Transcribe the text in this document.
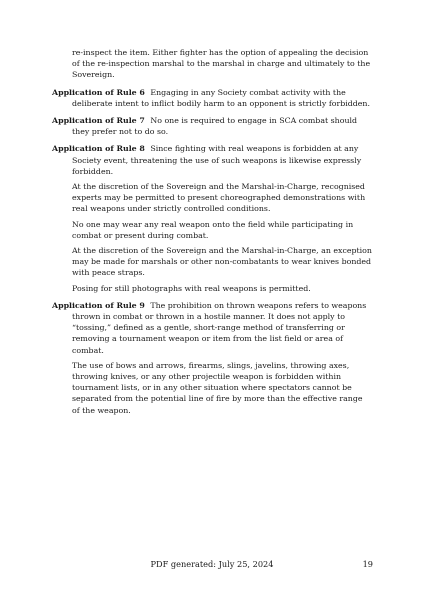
re-inspect the item. Either fighter has the option of appealing the decision of the re-inspection marshal to the marshal in charge and ultimately to the Sovereign.

Application of Rule 6 Engaging in any Society combat activity with the deliberate intent to inflict bodily harm to an opponent is strictly forbidden.

Application of Rule 7 No one is required to engage in SCA combat should they prefer not to do so.

Application of Rule 8 Since fighting with real weapons is forbidden at any Society event, threatening the use of such weapons is likewise expressly forbidden.

At the discretion of the Sovereign and the Marshal-in-Charge, recognised experts may be permitted to present choreographed demonstrations with real weapons under strictly controlled conditions.

No one may wear any real weapon onto the field while participating in combat or present during combat.

At the discretion of the Sovereign and the Marshal-in-Charge, an exception may be made for marshals or other non-combatants to wear knives bonded with peace straps.

Posing for still photographs with real weapons is permitted.

Application of Rule 9 The prohibition on thrown weapons refers to weapons thrown in combat or thrown in a hostile manner. It does not apply to “tossing,” defined as a gentle, short-range method of transferring or removing a tournament weapon or item from the list field or area of combat.

The use of bows and arrows, firearms, slings, javelins, throwing axes, throwing knives, or any other projectile weapon is forbidden within tournament lists, or in any other situation where spectators cannot be separated from the potential line of fire by more than the effective range of the weapon.

PDF generated: July 25, 2024	19
